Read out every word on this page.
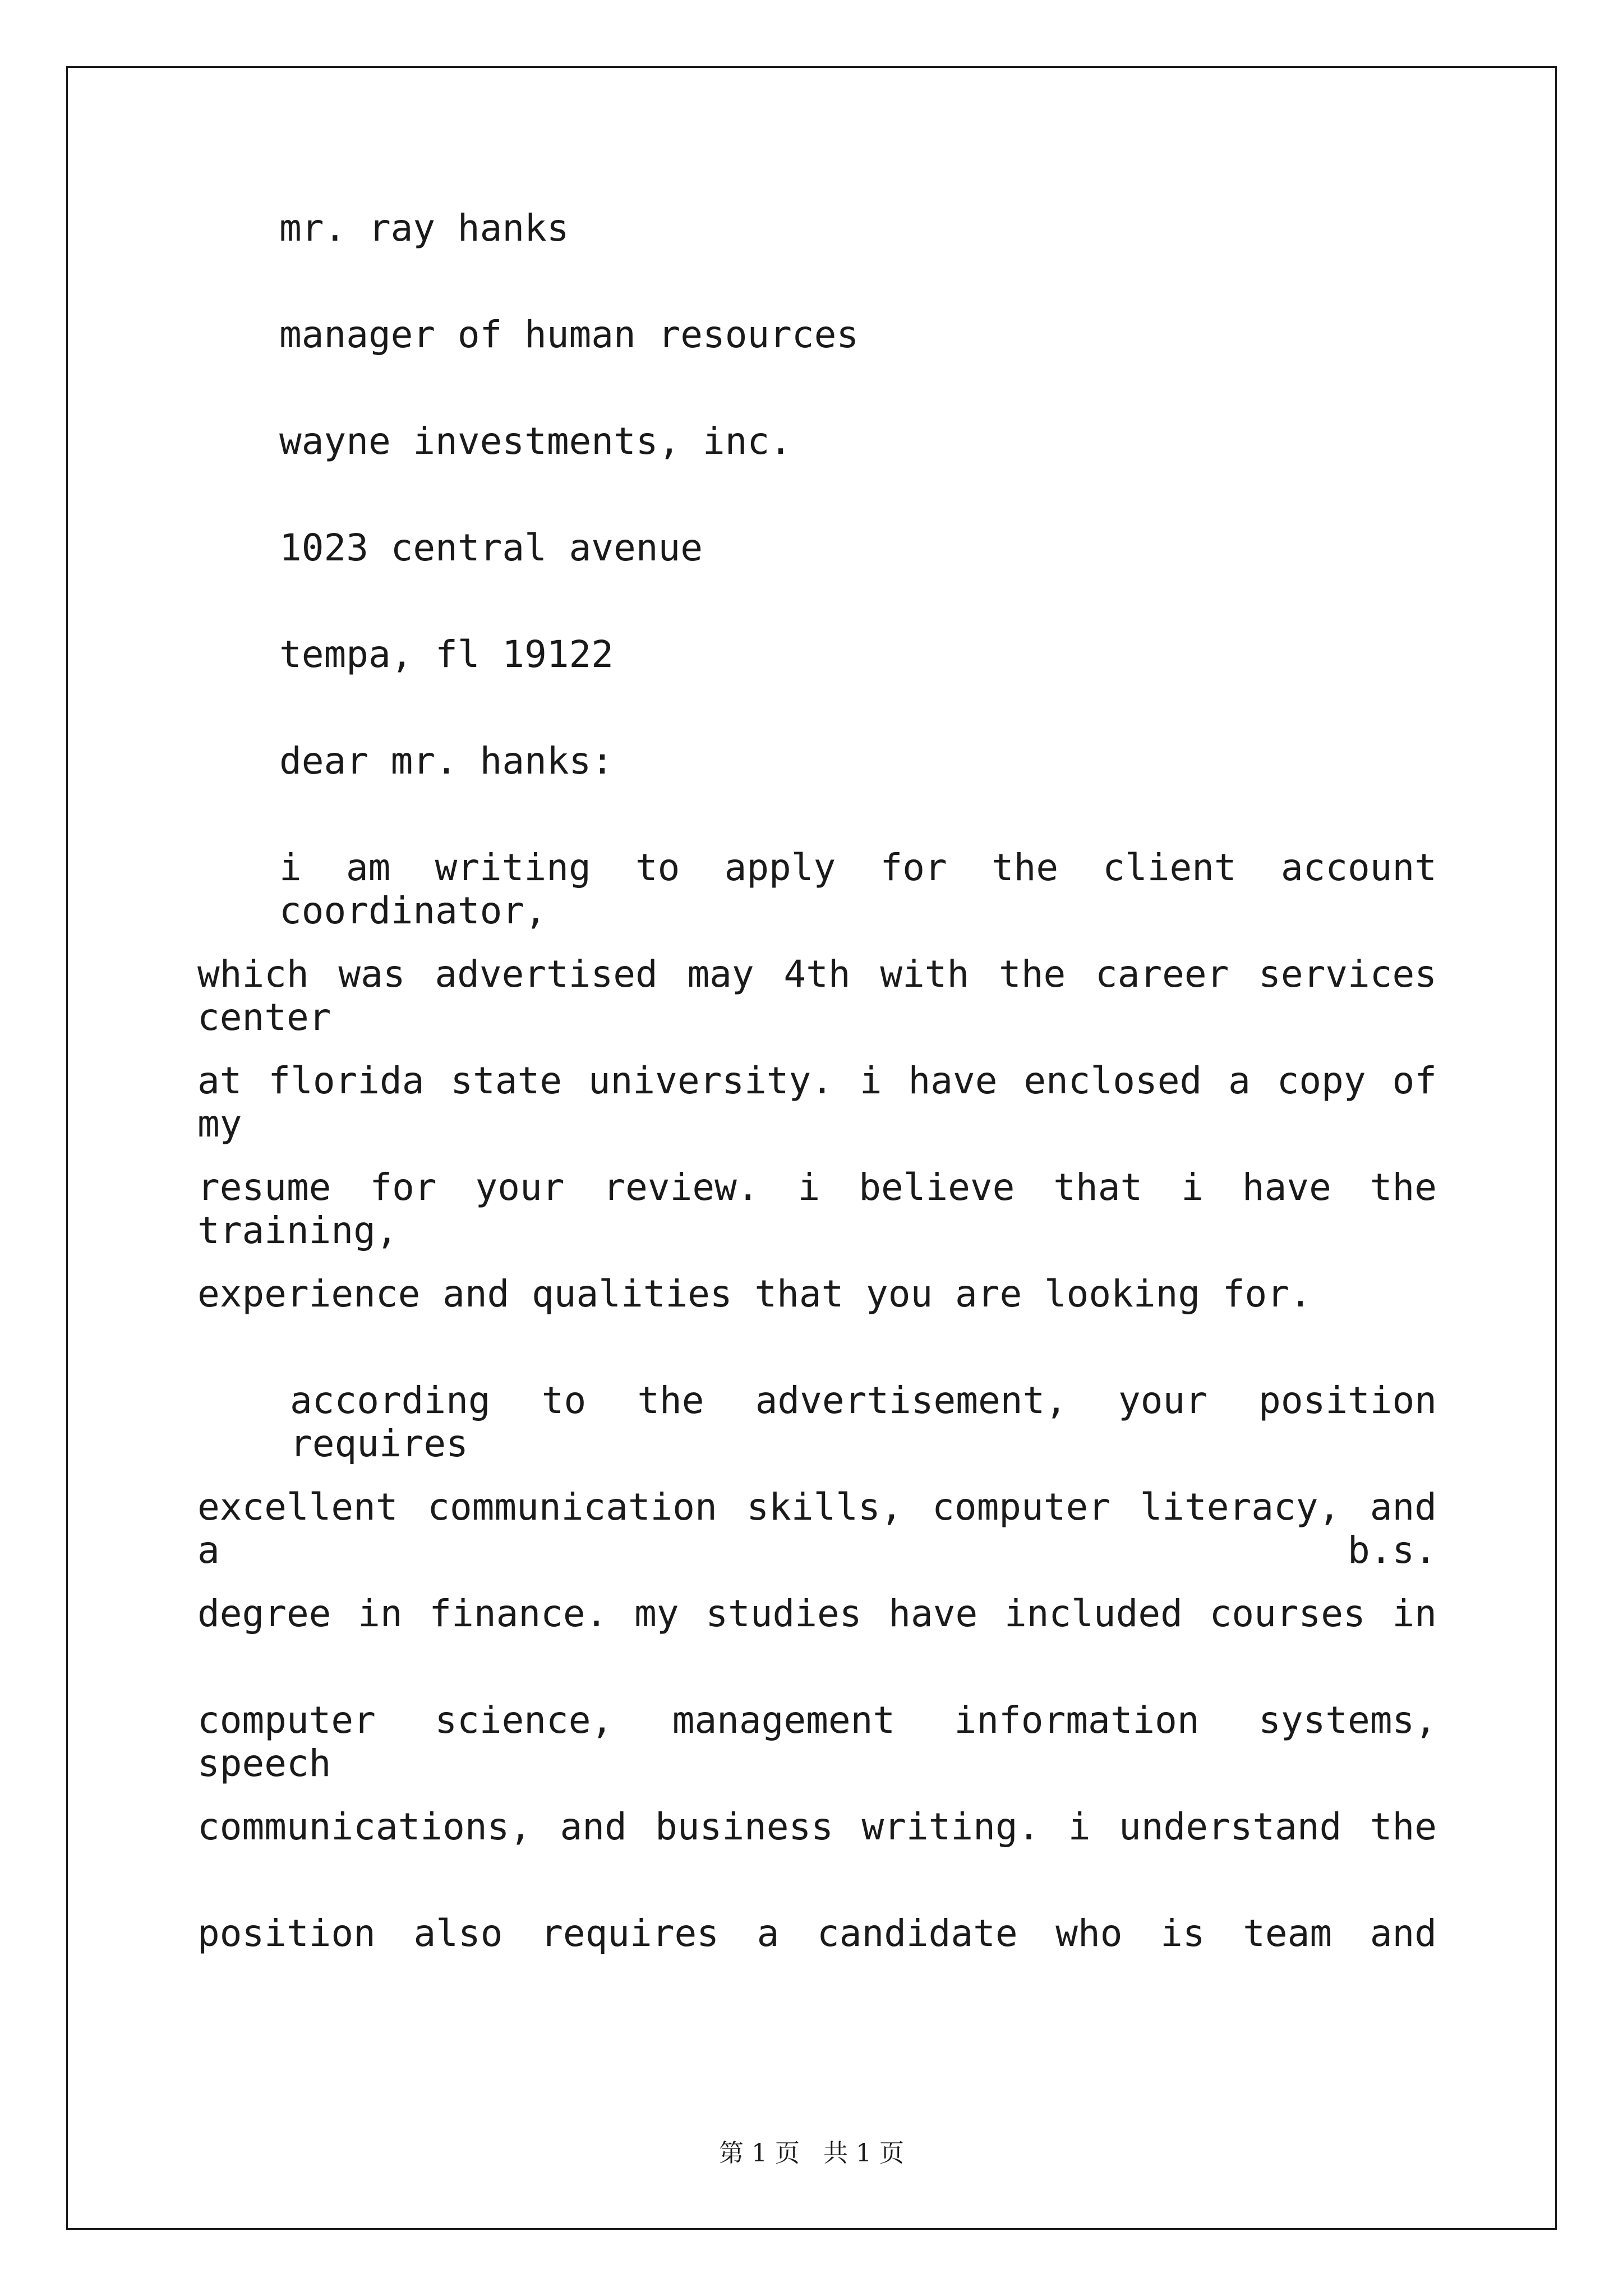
mr. ray hanks
manager of human resources
wayne investments, inc.
1023 central avenue
tempa, fl 19122
dear mr. hanks:
i am writing to apply for the client account coordinator,
which was advertised may 4th with the career services center
at florida state university. i have enclosed a copy of my
resume for your review. i believe that i have the training,
experience and qualities that you are looking for.
according to the advertisement, your position requires
excellent communication skills, computer literacy, and a b.s.
degree in finance. my studies have included courses in
computer science, management information systems, speech
communications, and business writing. i understand the
position also requires a candidate who is team and
第 1 页 共 1 页
